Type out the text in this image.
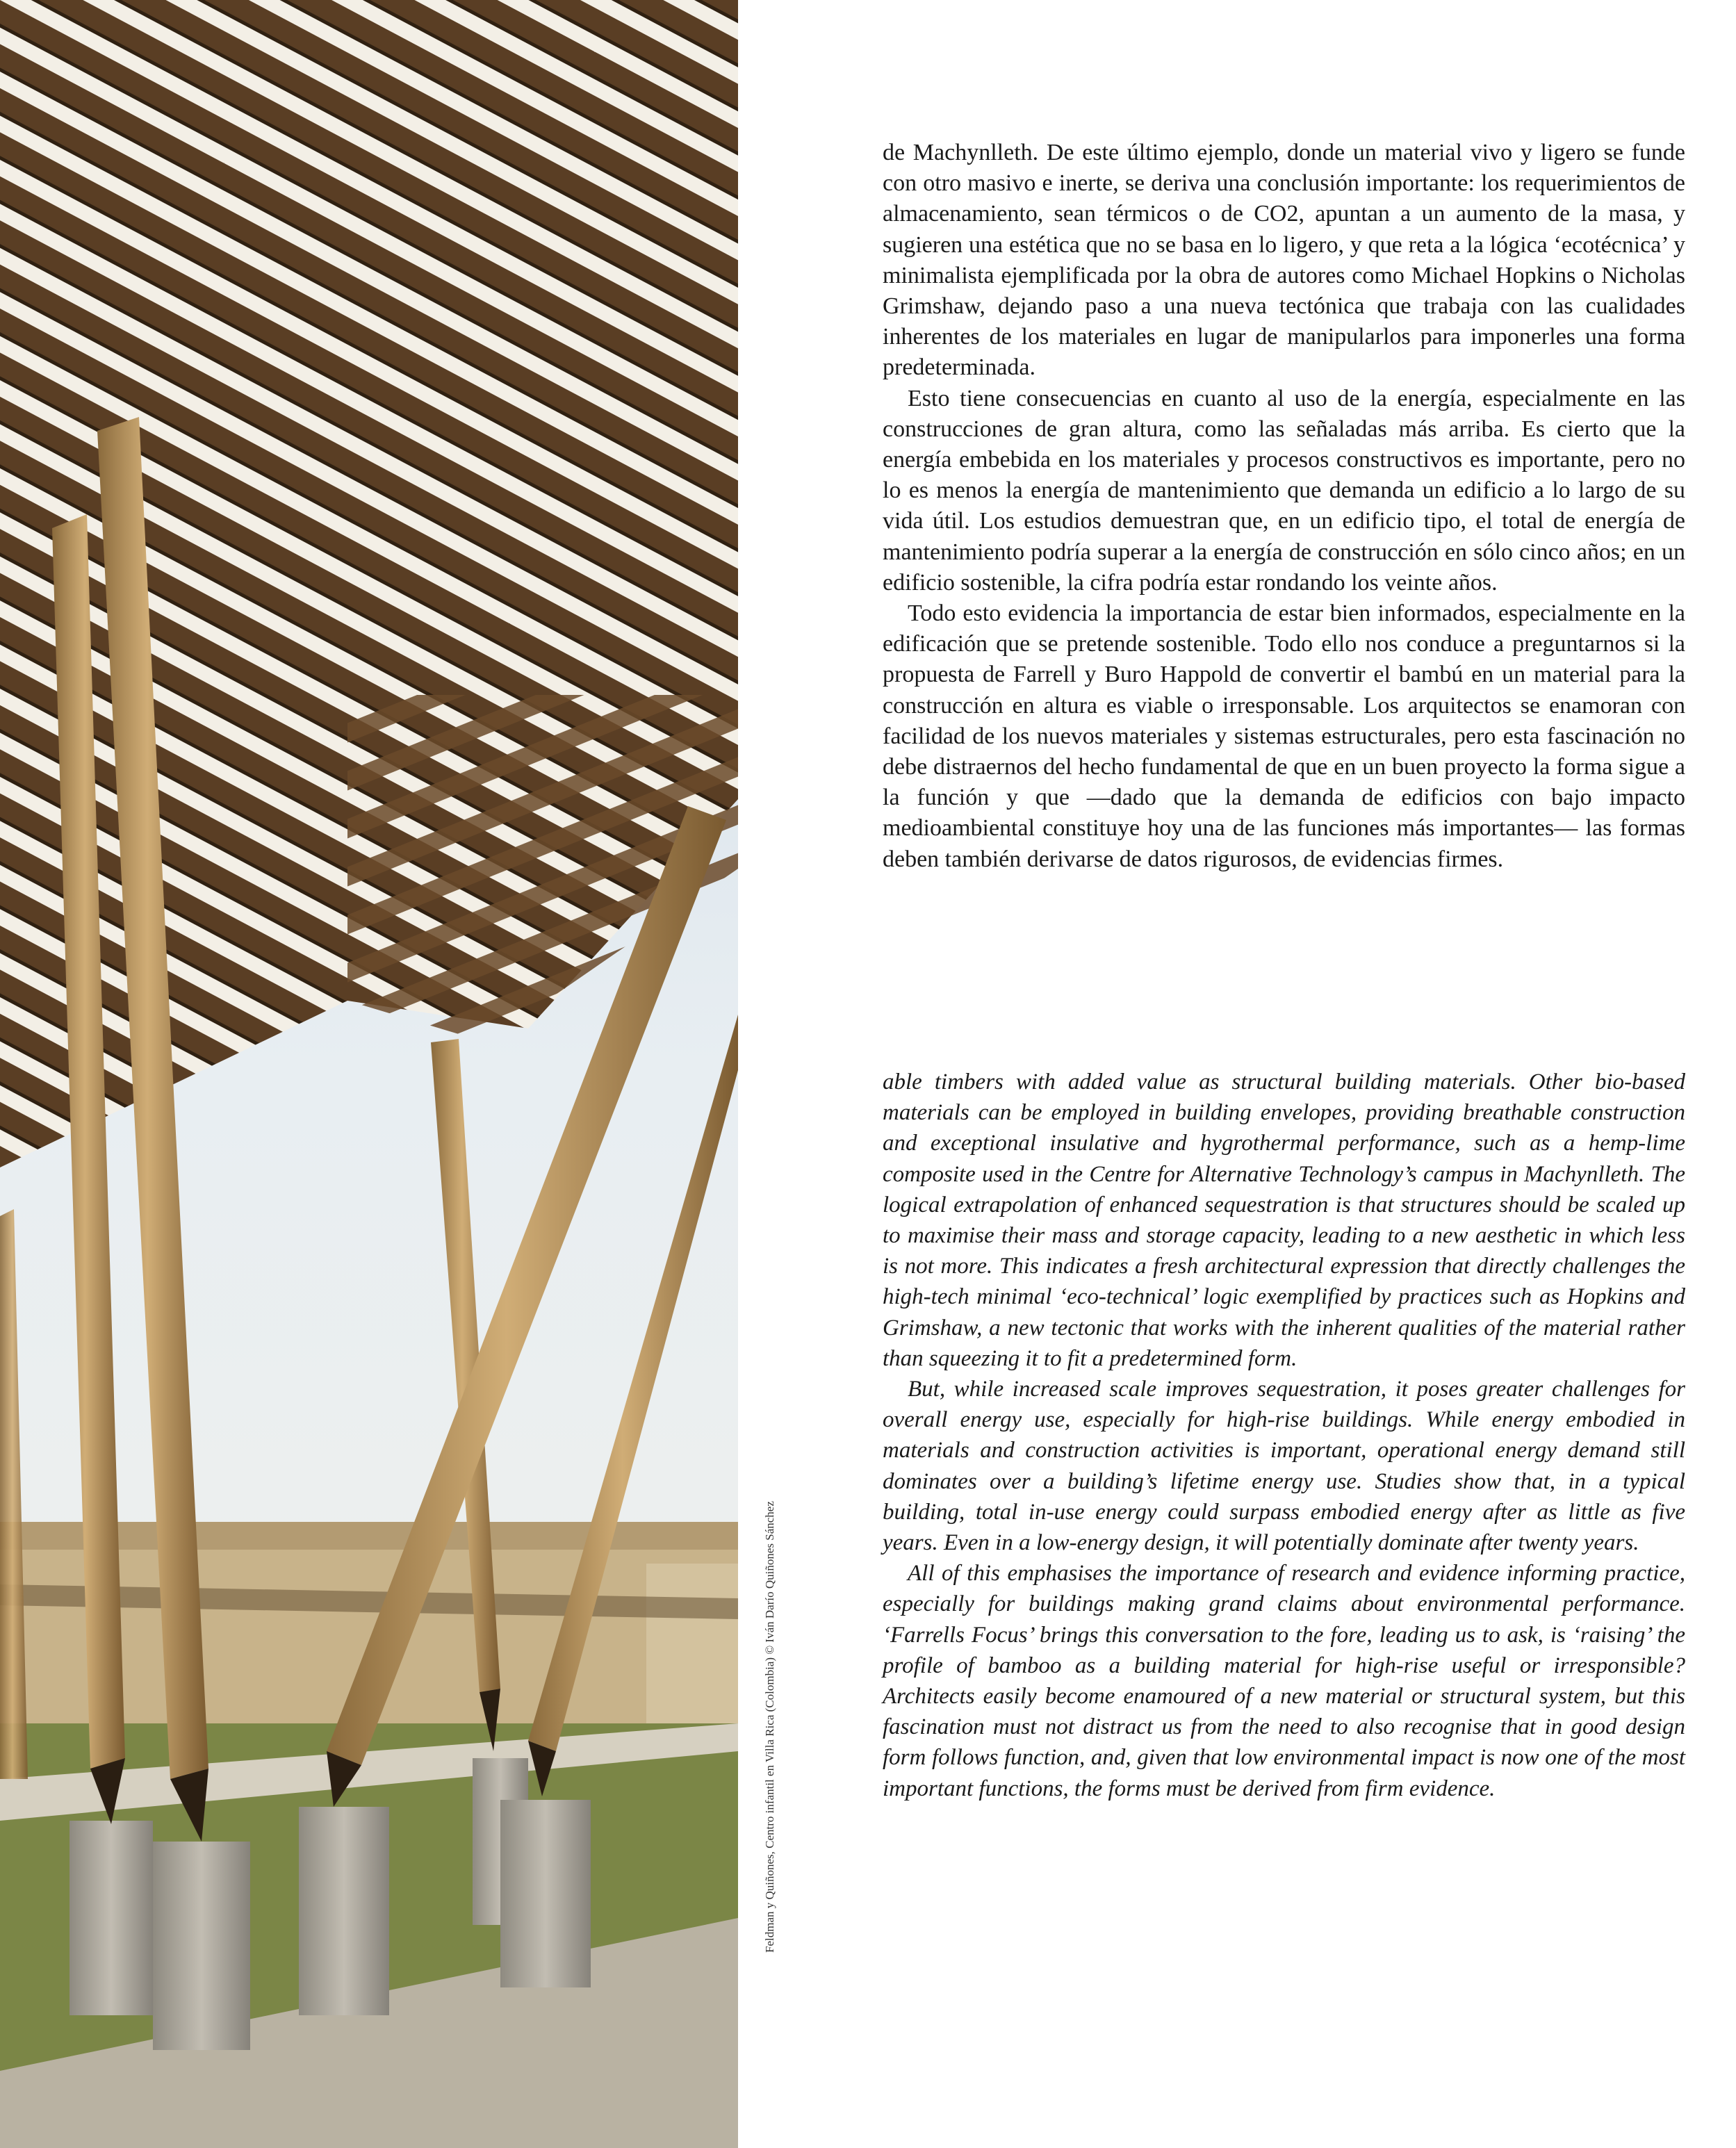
Feldman y Quiñones, Centro infantil en Villa Rica (Colombia) © Iván Darío Quiñones Sánchez

de Machynlleth. De este último ejemplo, donde un material vivo y ligero se funde con otro masivo e inerte, se deriva una conclusión importante: los requerimientos de almacenamiento, sean térmicos o de CO2, apuntan a un aumento de la masa, y sugieren una estética que no se basa en lo ligero, y que reta a la lógica ‘ecotécnica’ y minimalista ejemplificada por la obra de autores como Michael Hopkins o Nicholas Grimshaw, dejando paso a una nueva tectónica que trabaja con las cualidades inherentes de los materiales en lugar de manipularlos para imponerles una forma predeterminada.

Esto tiene consecuencias en cuanto al uso de la energía, especialmente en las construcciones de gran altura, como las señaladas más arriba. Es cierto que la energía embebida en los materiales y procesos constructivos es importante, pero no lo es menos la energía de mantenimiento que demanda un edificio a lo largo de su vida útil. Los estudios demuestran que, en un edificio tipo, el total de energía de mantenimiento podría superar a la energía de construcción en sólo cinco años; en un edificio sostenible, la cifra podría estar rondando los veinte años.

Todo esto evidencia la importancia de estar bien informados, especialmente en la edificación que se pretende sostenible. Todo ello nos conduce a preguntarnos si la propuesta de Farrell y Buro Happold de convertir el bambú en un material para la construcción en altura es viable o irresponsable. Los arquitectos se enamoran con facilidad de los nuevos materiales y sistemas estructurales, pero esta fascinación no debe distraernos del hecho fundamental de que en un buen proyecto la forma sigue a la función y que —dado que la demanda de edificios con bajo impacto medioambiental constituye hoy una de las funciones más importantes— las formas deben también derivarse de datos rigurosos, de evidencias firmes.

able timbers with added value as structural building materials. Other bio-based materials can be employed in building envelopes, providing breathable construction and exceptional insulative and hygrothermal performance, such as a hemp-lime composite used in the Centre for Alternative Technology’s campus in Machynlleth. The logical extrapolation of enhanced sequestration is that structures should be scaled up to maximise their mass and storage capacity, leading to a new aesthetic in which less is not more. This indicates a fresh architectural expression that directly challenges the high-tech minimal ‘eco-technical’ logic exemplified by practices such as Hopkins and Grimshaw, a new tectonic that works with the inherent qualities of the material rather than squeezing it to fit a predetermined form.

But, while increased scale improves sequestration, it poses greater challenges for overall energy use, especially for high-rise buildings. While energy embodied in materials and construction activities is important, operational energy demand still dominates over a building’s lifetime energy use. Studies show that, in a typical building, total in-use energy could surpass embodied energy after as little as five years. Even in a low-energy design, it will potentially dominate after twenty years.

All of this emphasises the importance of research and evidence informing practice, especially for buildings making grand claims about environmental performance. ‘Farrells Focus’ brings this conversation to the fore, leading us to ask, is ‘raising’ the profile of bamboo as a building material for high-rise useful or irresponsible? Architects easily become enamoured of a new material or structural system, but this fascination must not distract us from the need to also recognise that in good design form follows function, and, given that low environmental impact is now one of the most important functions, the forms must be derived from firm evidence.
